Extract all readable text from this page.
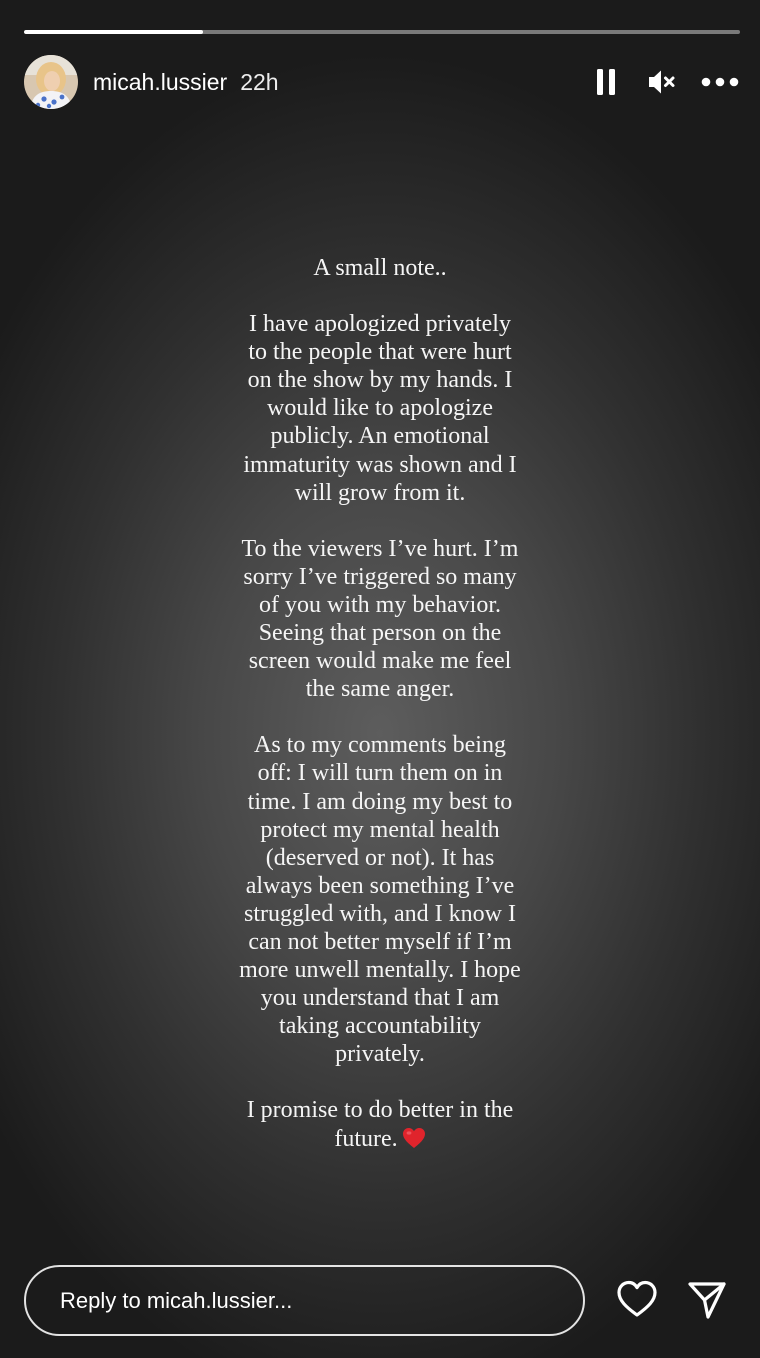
micah.lussier 22h
A small note..
I have apologized privately
to the people that were hurt
on the show by my hands. I
would like to apologize
publicly. An emotional
immaturity was shown and I
will grow from it.
To the viewers I’ve hurt. I’m
sorry I’ve triggered so many
of you with my behavior.
Seeing that person on the
screen would make me feel
the same anger.
As to my comments being
off: I will turn them on in
time. I am doing my best to
protect my mental health
(deserved or not). It has
always been something I’ve
struggled with, and I know I
can not better myself if I’m
more unwell mentally. I hope
you understand that I am
taking accountability
privately.
I promise to do better in the
future.
Reply to micah.lussier...
